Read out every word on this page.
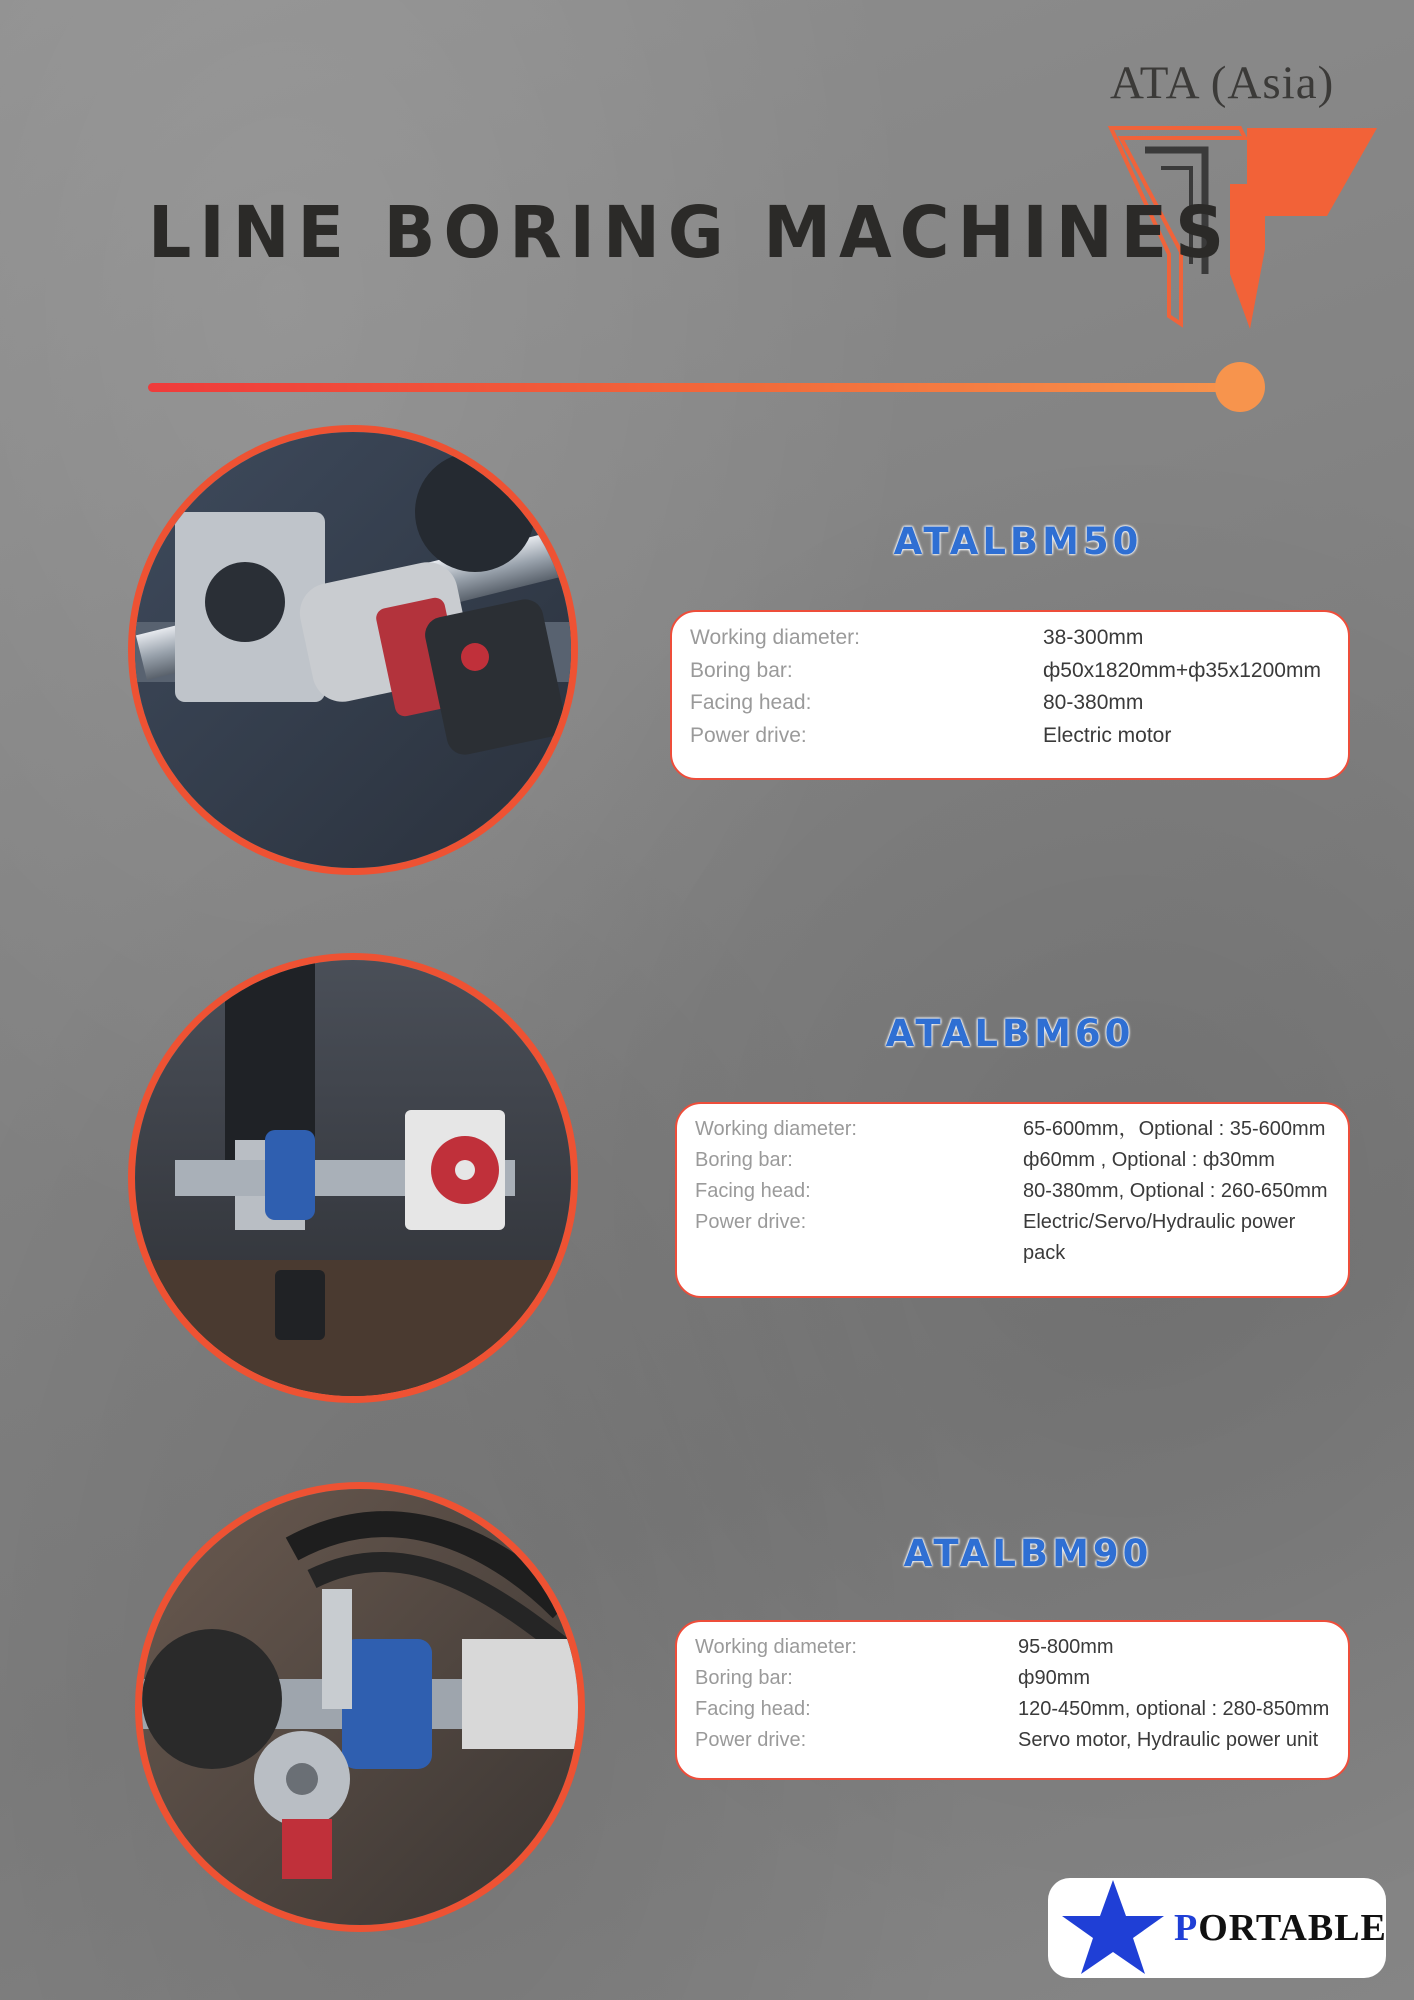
ATA (Asia)
LINE BORING MACHINES
ATALBM50
Working diameter:	38-300mm
Boring bar:	ф50x1820mm+ф35x1200mm
Facing head:	80-380mm
Power drive:	Electric motor
ATALBM60
Working diameter:	65-600mm，Optional : 35-600mm
Boring bar:	ф60mm , Optional : ф30mm
Facing head:	80-380mm, Optional : 260-650mm
Power drive:	Electric/Servo/Hydraulic power pack
ATALBM90
Working diameter:	95-800mm
Boring bar:	ф90mm
Facing head:	120-450mm, optional : 280-850mm
Power drive:	Servo motor, Hydraulic power unit
PORTABLE
